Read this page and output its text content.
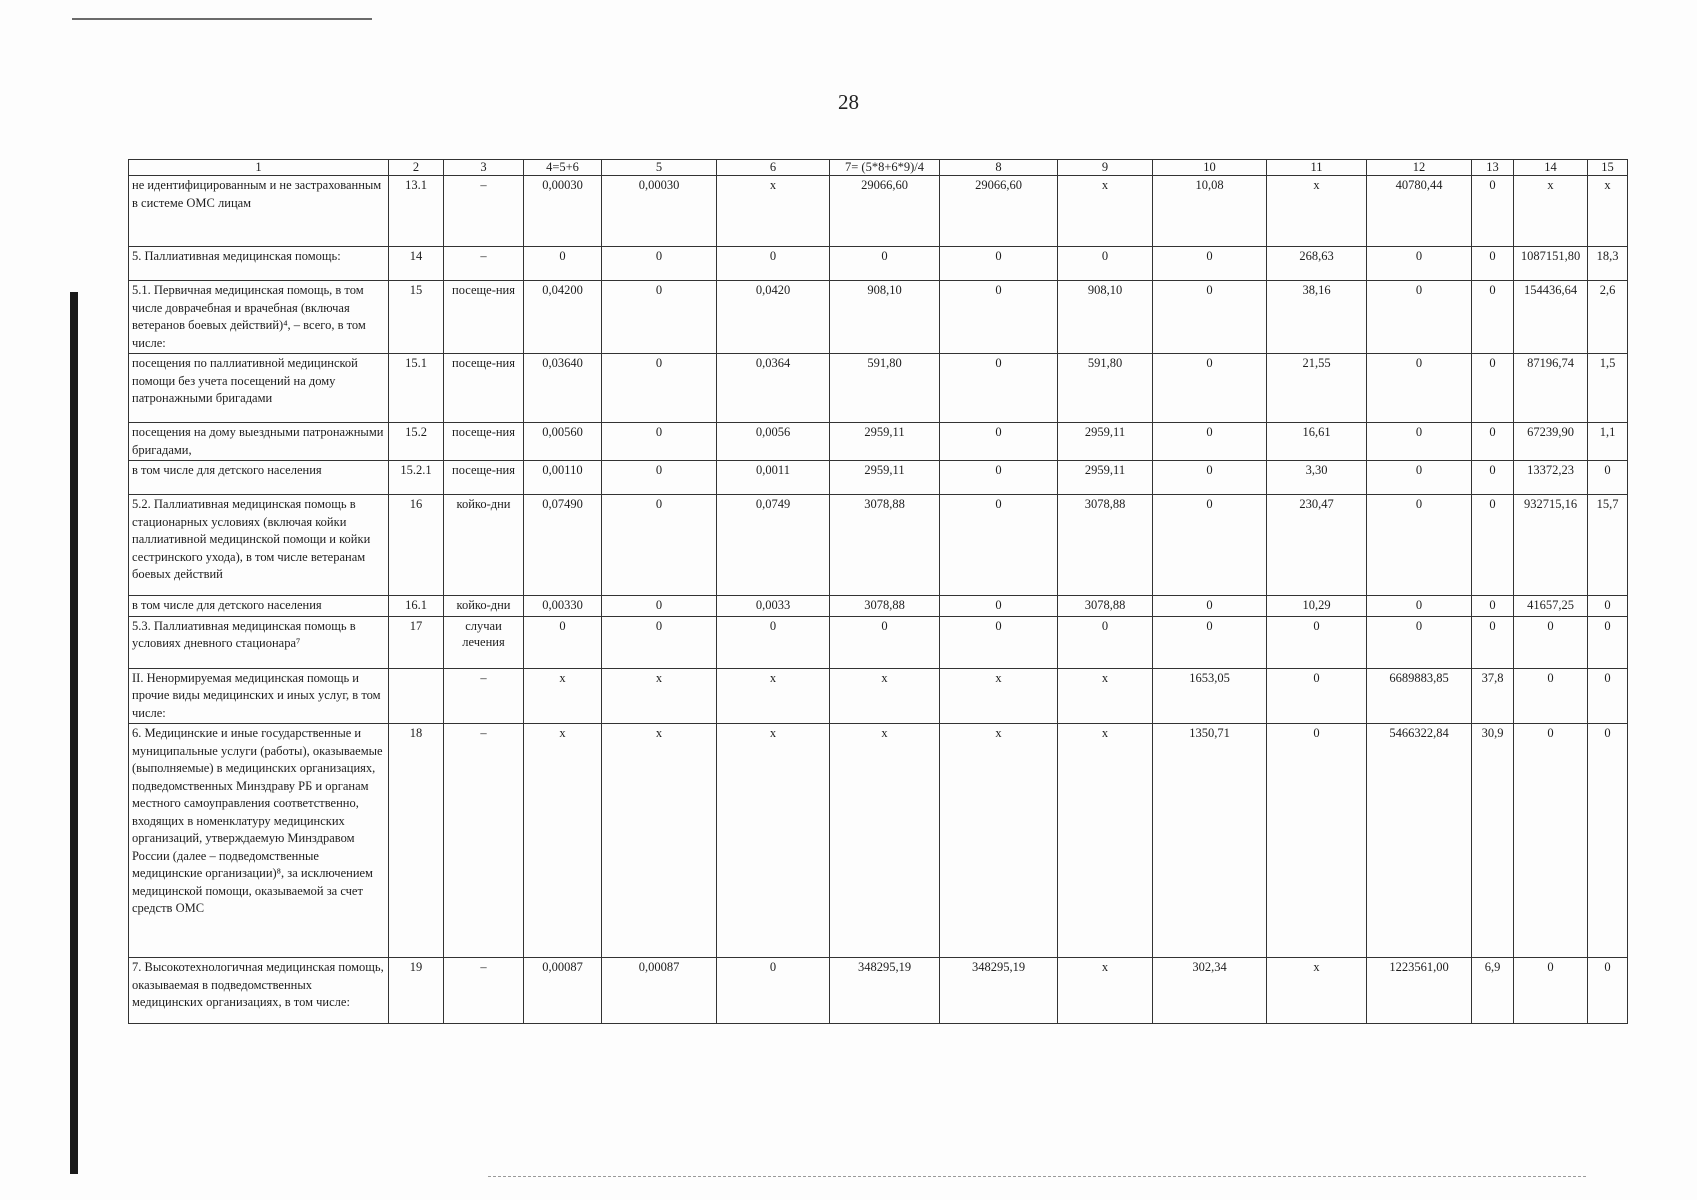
28
1	2	3	4=5+6	5	6	7= (5*8+6*9)/4	8	9	10	11	12	13	14	15
не идентифицированным и не застрахованным в системе ОМС лицам	13.1	–	0,00030	0,00030	х	29066,60	29066,60	х	10,08	х	40780,44	0	х	х
5. Паллиативная медицинская помощь:	14	–	0	0	0	0	0	0	0	268,63	0	0	1087151,80	18,3
5.1. Первичная медицинская помощь, в том числе доврачебная и врачебная (включая ветеранов боевых действий)⁴, – всего, в том числе:	15	посеще-ния	0,04200	0	0,0420	908,10	0	908,10	0	38,16	0	0	154436,64	2,6
посещения по паллиативной медицинской помощи без учета посещений на дому патронажными бригадами	15.1	посеще-ния	0,03640	0	0,0364	591,80	0	591,80	0	21,55	0	0	87196,74	1,5
посещения на дому выездными патронажными бригадами,	15.2	посеще-ния	0,00560	0	0,0056	2959,11	0	2959,11	0	16,61	0	0	67239,90	1,1
в том числе для детского населения	15.2.1	посеще-ния	0,00110	0	0,0011	2959,11	0	2959,11	0	3,30	0	0	13372,23	0
5.2. Паллиативная медицинская помощь в стационарных условиях (включая койки паллиативной медицинской помощи и койки сестринского ухода), в том числе ветеранам боевых действий	16	койко-дни	0,07490	0	0,0749	3078,88	0	3078,88	0	230,47	0	0	932715,16	15,7
в том числе для детского населения	16.1	койко-дни	0,00330	0	0,0033	3078,88	0	3078,88	0	10,29	0	0	41657,25	0
5.3. Паллиативная медицинская помощь в условиях дневного стационара⁷	17	случаи лечения	0	0	0	0	0	0	0	0	0	0	0	0
II. Ненормируемая медицинская помощь и прочие виды медицинских и иных услуг, в том числе:		–	х	х	х	х	х	х	1653,05	0	6689883,85	37,8	0	0
6. Медицинские и иные государственные и муниципальные услуги (работы), оказываемые (выполняемые) в медицинских организациях, подведомственных Минздраву РБ и органам местного самоуправления соответственно, входящих в номенклатуру медицинских организаций, утверждаемую Минздравом России (далее – подведомственные медицинские организации)⁸, за исключением медицинской помощи, оказываемой за счет средств ОМС	18	–	х	х	х	х	х	х	1350,71	0	5466322,84	30,9	0	0
7. Высокотехнологичная медицинская помощь, оказываемая в подведомственных медицинских организациях, в том числе:	19	–	0,00087	0,00087	0	348295,19	348295,19	х	302,34	х	1223561,00	6,9	0	0
